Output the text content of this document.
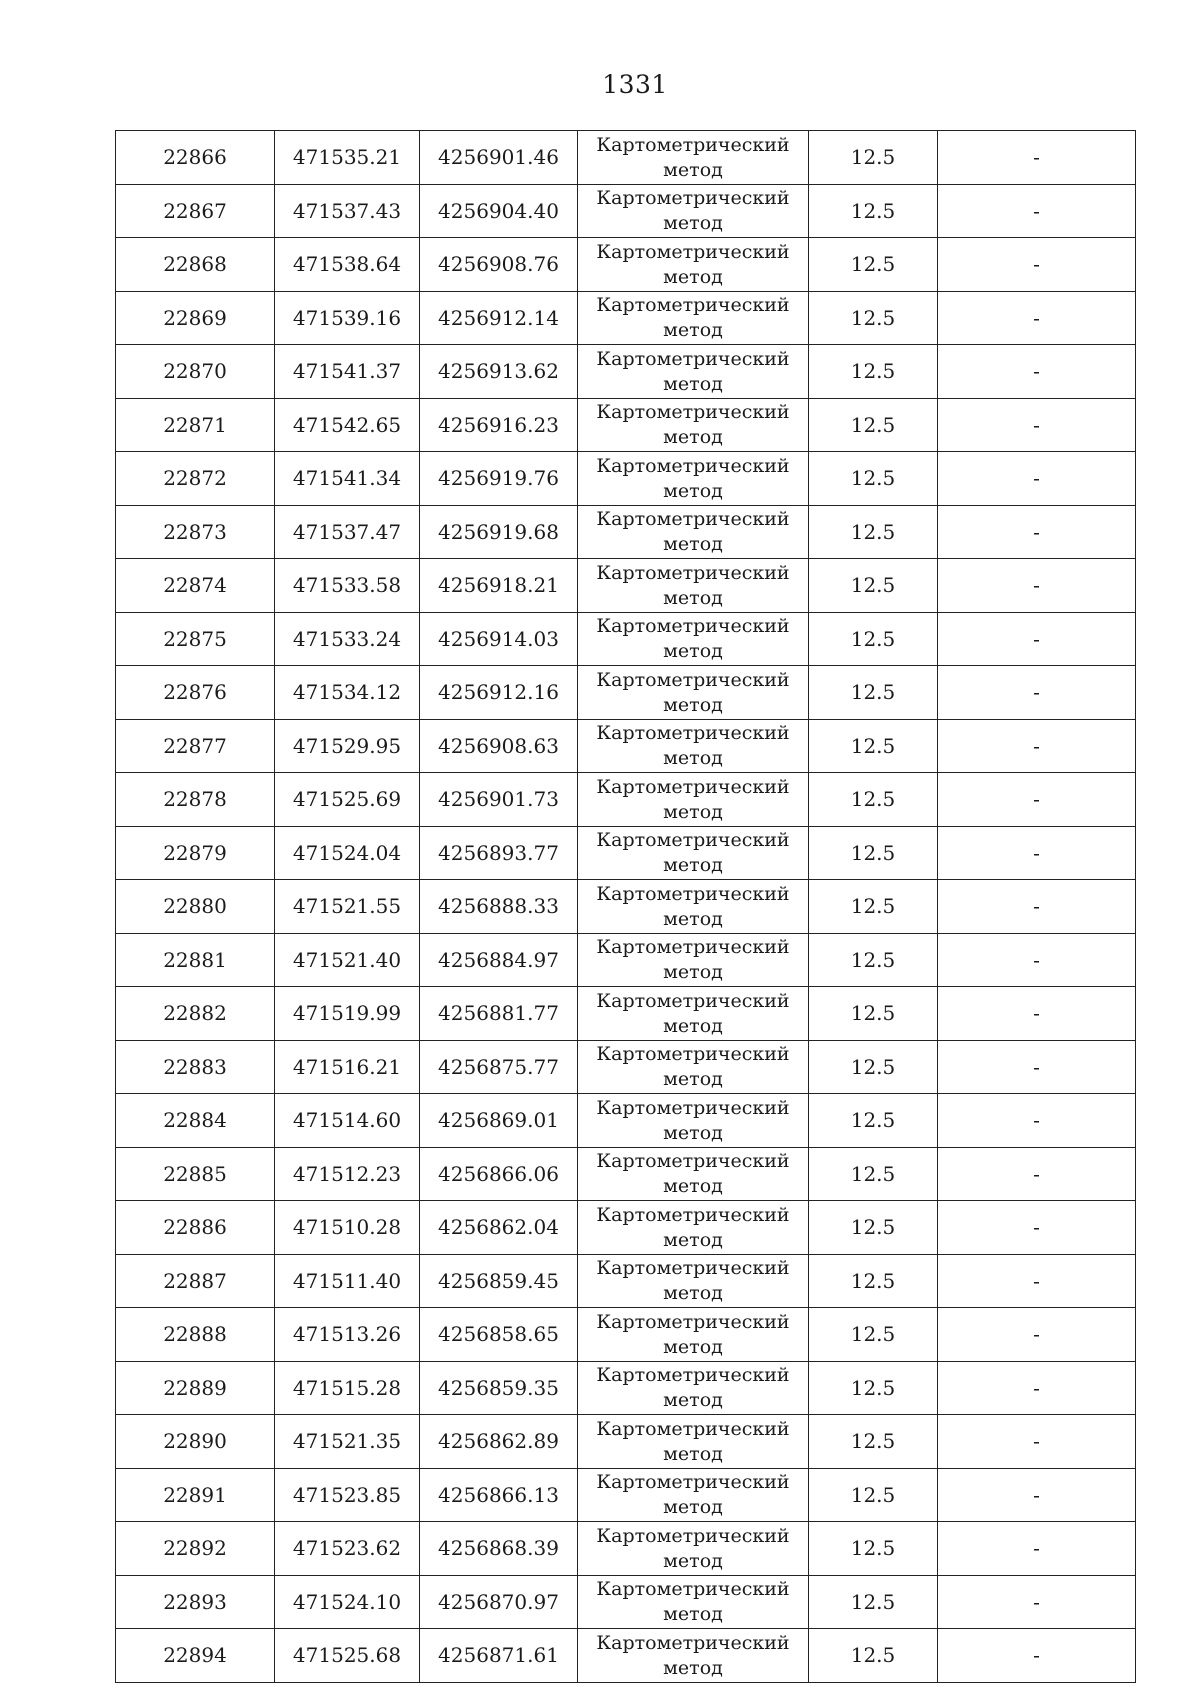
1331
22866	471535.21	4256901.46	Картометрический
метод	12.5	-
22867	471537.43	4256904.40	Картометрический
метод	12.5	-
22868	471538.64	4256908.76	Картометрический
метод	12.5	-
22869	471539.16	4256912.14	Картометрический
метод	12.5	-
22870	471541.37	4256913.62	Картометрический
метод	12.5	-
22871	471542.65	4256916.23	Картометрический
метод	12.5	-
22872	471541.34	4256919.76	Картометрический
метод	12.5	-
22873	471537.47	4256919.68	Картометрический
метод	12.5	-
22874	471533.58	4256918.21	Картометрический
метод	12.5	-
22875	471533.24	4256914.03	Картометрический
метод	12.5	-
22876	471534.12	4256912.16	Картометрический
метод	12.5	-
22877	471529.95	4256908.63	Картометрический
метод	12.5	-
22878	471525.69	4256901.73	Картометрический
метод	12.5	-
22879	471524.04	4256893.77	Картометрический
метод	12.5	-
22880	471521.55	4256888.33	Картометрический
метод	12.5	-
22881	471521.40	4256884.97	Картометрический
метод	12.5	-
22882	471519.99	4256881.77	Картометрический
метод	12.5	-
22883	471516.21	4256875.77	Картометрический
метод	12.5	-
22884	471514.60	4256869.01	Картометрический
метод	12.5	-
22885	471512.23	4256866.06	Картометрический
метод	12.5	-
22886	471510.28	4256862.04	Картометрический
метод	12.5	-
22887	471511.40	4256859.45	Картометрический
метод	12.5	-
22888	471513.26	4256858.65	Картометрический
метод	12.5	-
22889	471515.28	4256859.35	Картометрический
метод	12.5	-
22890	471521.35	4256862.89	Картометрический
метод	12.5	-
22891	471523.85	4256866.13	Картометрический
метод	12.5	-
22892	471523.62	4256868.39	Картометрический
метод	12.5	-
22893	471524.10	4256870.97	Картометрический
метод	12.5	-
22894	471525.68	4256871.61	Картометрический
метод	12.5	-
